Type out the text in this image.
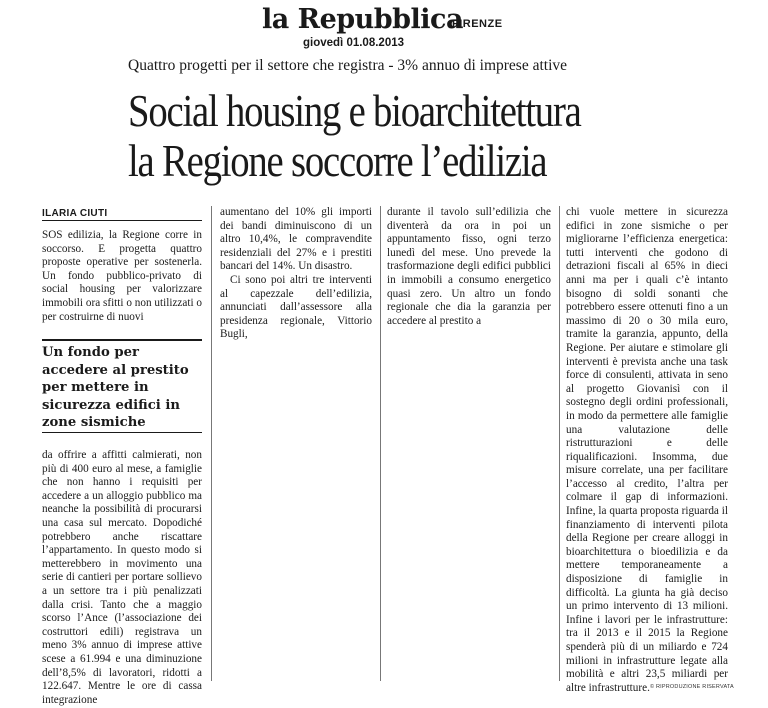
la Repubblica
FIRENZE
giovedì 01.08.2013
Quattro progetti per il settore che registra - 3% annuo di imprese attive
Social housing e bioarchitettura
la Regione soccorre l’edilizia
ILARIA CIUTI

SOS edilizia, la Regione corre in soccorso. E progetta quattro proposte operative per sostenerla. Un fondo pubblico-privato di social housing per valorizzare immobili ora sfitti o non utilizzati o per costruirne di nuovi

Un fondo per accedere al prestito per mettere in sicurezza edifici in zone sismiche

da offrire a affitti calmierati, non più di 400 euro al mese, a famiglie che non hanno i requisiti per accedere a un alloggio pubblico ma neanche la possibilità di procurarsi una casa sul mercato. Dopodiché potrebbero anche riscattare l’appartamento. In questo modo si metterebbero in movimento una serie di cantieri per portare sollievo a un settore tra i più penalizzati dalla crisi. Tanto che a maggio scorso l’Ance (l’associazione dei costruttori edili) registrava un meno 3% annuo di imprese attive scese a 61.994 e una diminuzione dell’8,5% di lavoratori, ridotti a 122.647. Mentre le ore di cassa integrazione

aumentano del 10% gli importi dei bandi diminuiscono di un altro 10,4%, le compravendite residenziali del 27% e i prestiti bancari del 14%. Un disastro.

Ci sono poi altri tre interventi al capezzale dell’edilizia, annunciati dall’assessore alla presidenza regionale, Vittorio Bugli,

durante il tavolo sull’edilizia che diventerà da ora in poi un appuntamento fisso, ogni terzo lunedì del mese. Uno prevede la trasformazione degli edifici pubblici in immobili a consumo energetico quasi zero. Un altro un fondo regionale che dia la garanzia per accedere al prestito a

chi vuole mettere in sicurezza edifici in zone sismiche o per migliorarne l’efficienza energetica: tutti interventi che godono di detrazioni fiscali al 65% in dieci anni ma per i quali c’è intanto bisogno di soldi sonanti che potrebbero essere ottenuti fino a un massimo di 20 o 30 mila euro, tramite la garanzia, appunto, della Regione. Per aiutare e stimolare gli interventi è prevista anche una task force di consulenti, attivata in seno al progetto Giovanisì con il sostegno degli ordini professionali, in modo da permettere alle famiglie una valutazione delle ristrutturazioni e delle riqualificazioni. Insomma, due misure correlate, una per facilitare l’accesso al credito, l’altra per colmare il gap di informazioni. Infine, la quarta proposta riguarda il finanziamento di interventi pilota della Regione per creare alloggi in bioarchitettura o bioedilizia e da mettere temporaneamente a disposizione di famiglie in difficoltà. La giunta ha già deciso un primo intervento di 13 milioni. Infine i lavori per le infrastrutture: tra il 2013 e il 2015 la Regione spenderà più di un miliardo e 724 milioni in infrastrutture legate alla mobilità e altri 23,5 miliardi per altre infrastrutture. © RIPRODUZIONE RISERVATA
